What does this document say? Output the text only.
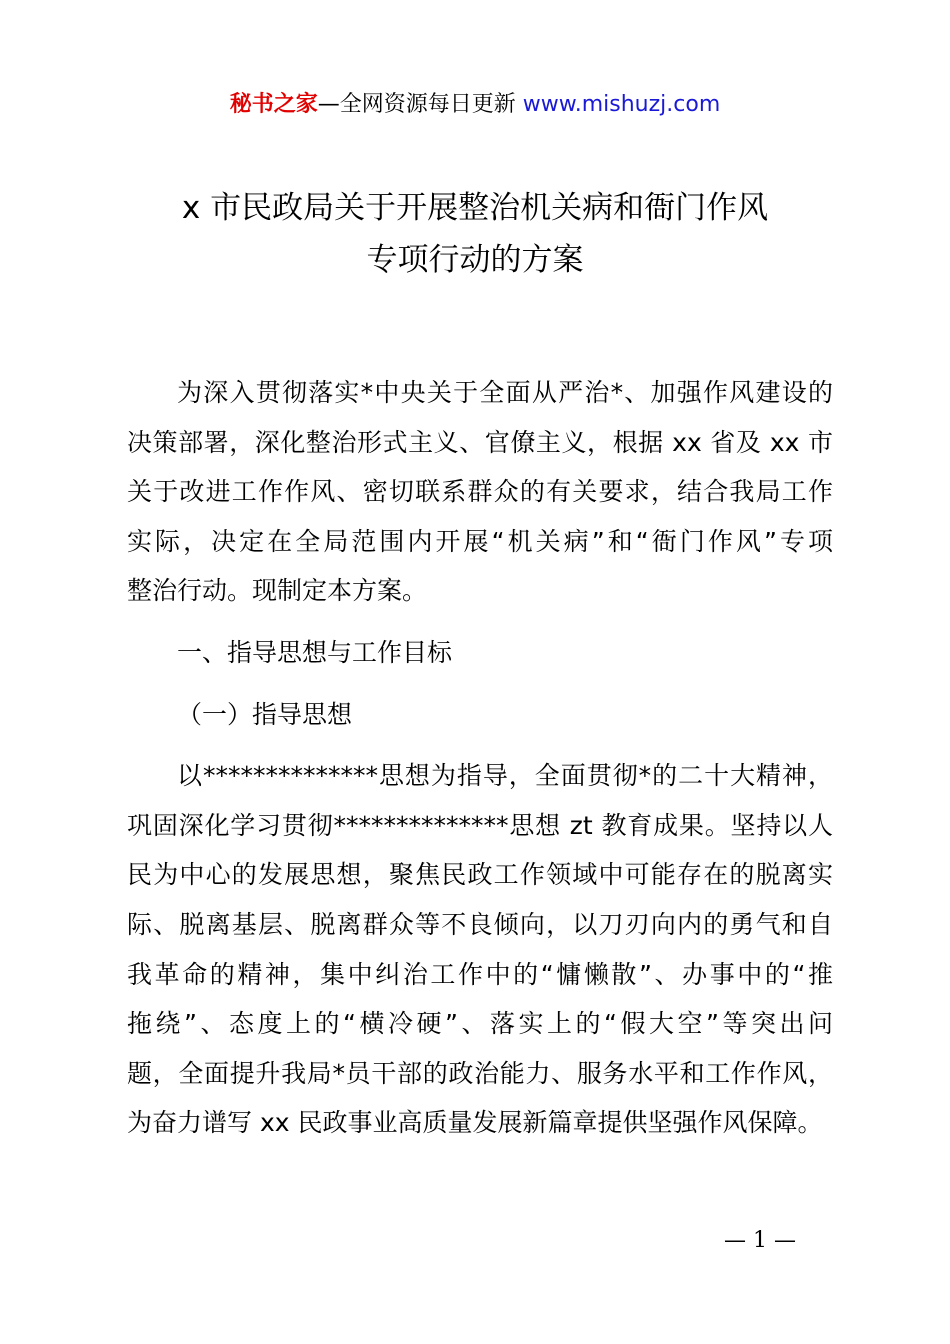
秘书之家—全网资源每日更新 www.mishuzj.com
x 市民政局关于开展整治机关病和衙门作风
专项行动的方案
为深入贯彻落实*中央关于全面从严治*、加强作风建设的
决策部署，深化整治形式主义、官僚主义，根据 xx 省及 xx 市
关于改进工作作风、密切联系群众的有关要求，结合我局工作
实际，决定在全局范围内开展“机关病”和“衙门作风”专项
整治行动。现制定本方案。
一、指导思想与工作目标
（一）指导思想
以**************思想为指导，全面贯彻*的二十大精神，
巩固深化学习贯彻**************思想 zt 教育成果。坚持以人
民为中心的发展思想，聚焦民政工作领域中可能存在的脱离实
际、脱离基层、脱离群众等不良倾向，以刀刃向内的勇气和自
我革命的精神，集中纠治工作中的“慵懒散”、办事中的“推
拖绕”、态度上的“横冷硬”、落实上的“假大空”等突出问
题，全面提升我局*员干部的政治能力、服务水平和工作作风，
为奋力谱写 xx 民政事业高质量发展新篇章提供坚强作风保障。
— 1 —
